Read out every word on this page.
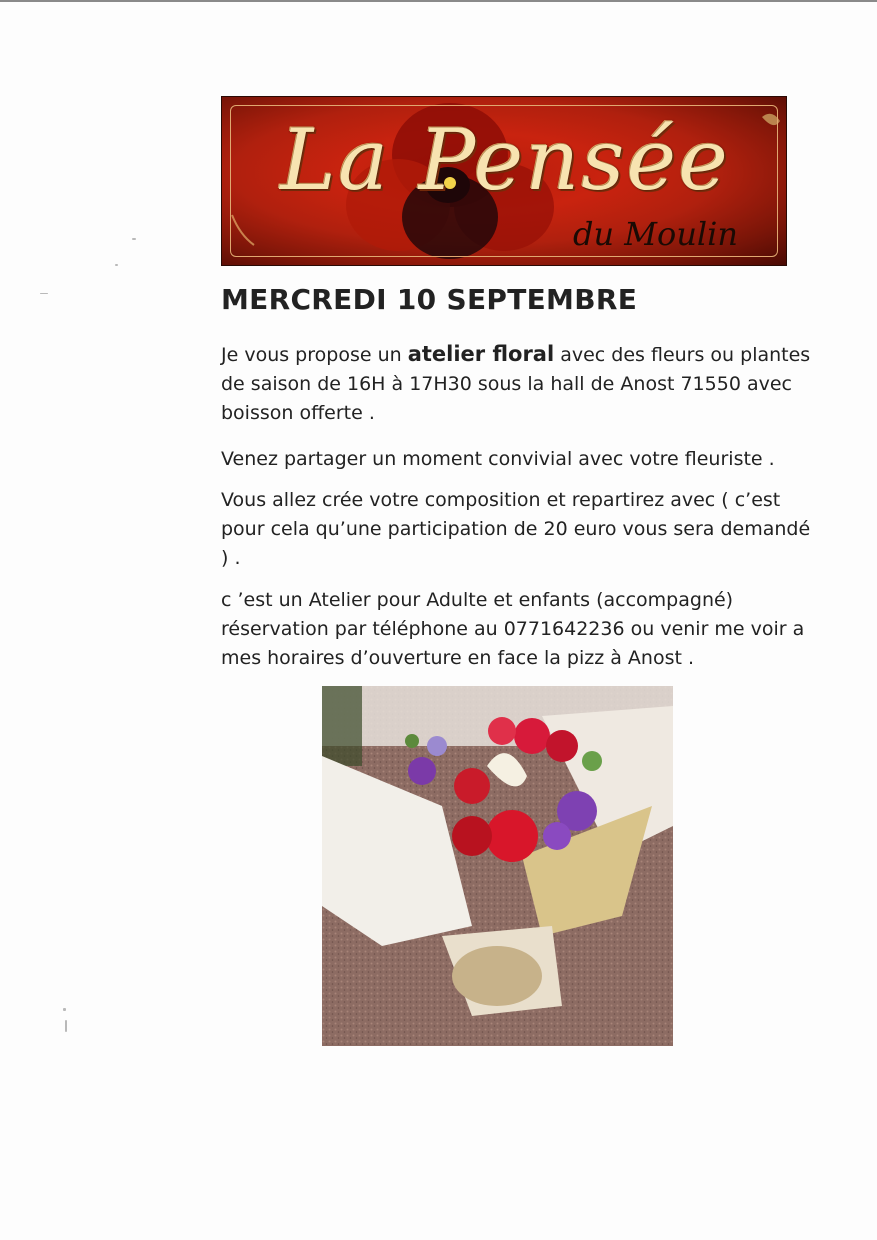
La Pensée
du Moulin
MERCREDI 10 SEPTEMBRE

Je vous propose un atelier floral avec des fleurs ou plantes de saison de 16H à 17H30 sous la hall de Anost 71550 avec boisson offerte .

Venez partager un moment convivial avec votre fleuriste .

Vous allez crée votre composition et repartirez avec ( c’est pour cela qu’une participation de 20 euro vous sera demandé ) .

c ’est un Atelier pour Adulte et enfants (accompagné) réservation par téléphone au 0771642236 ou venir me voir a mes horaires d’ouverture en face la pizz à Anost .
